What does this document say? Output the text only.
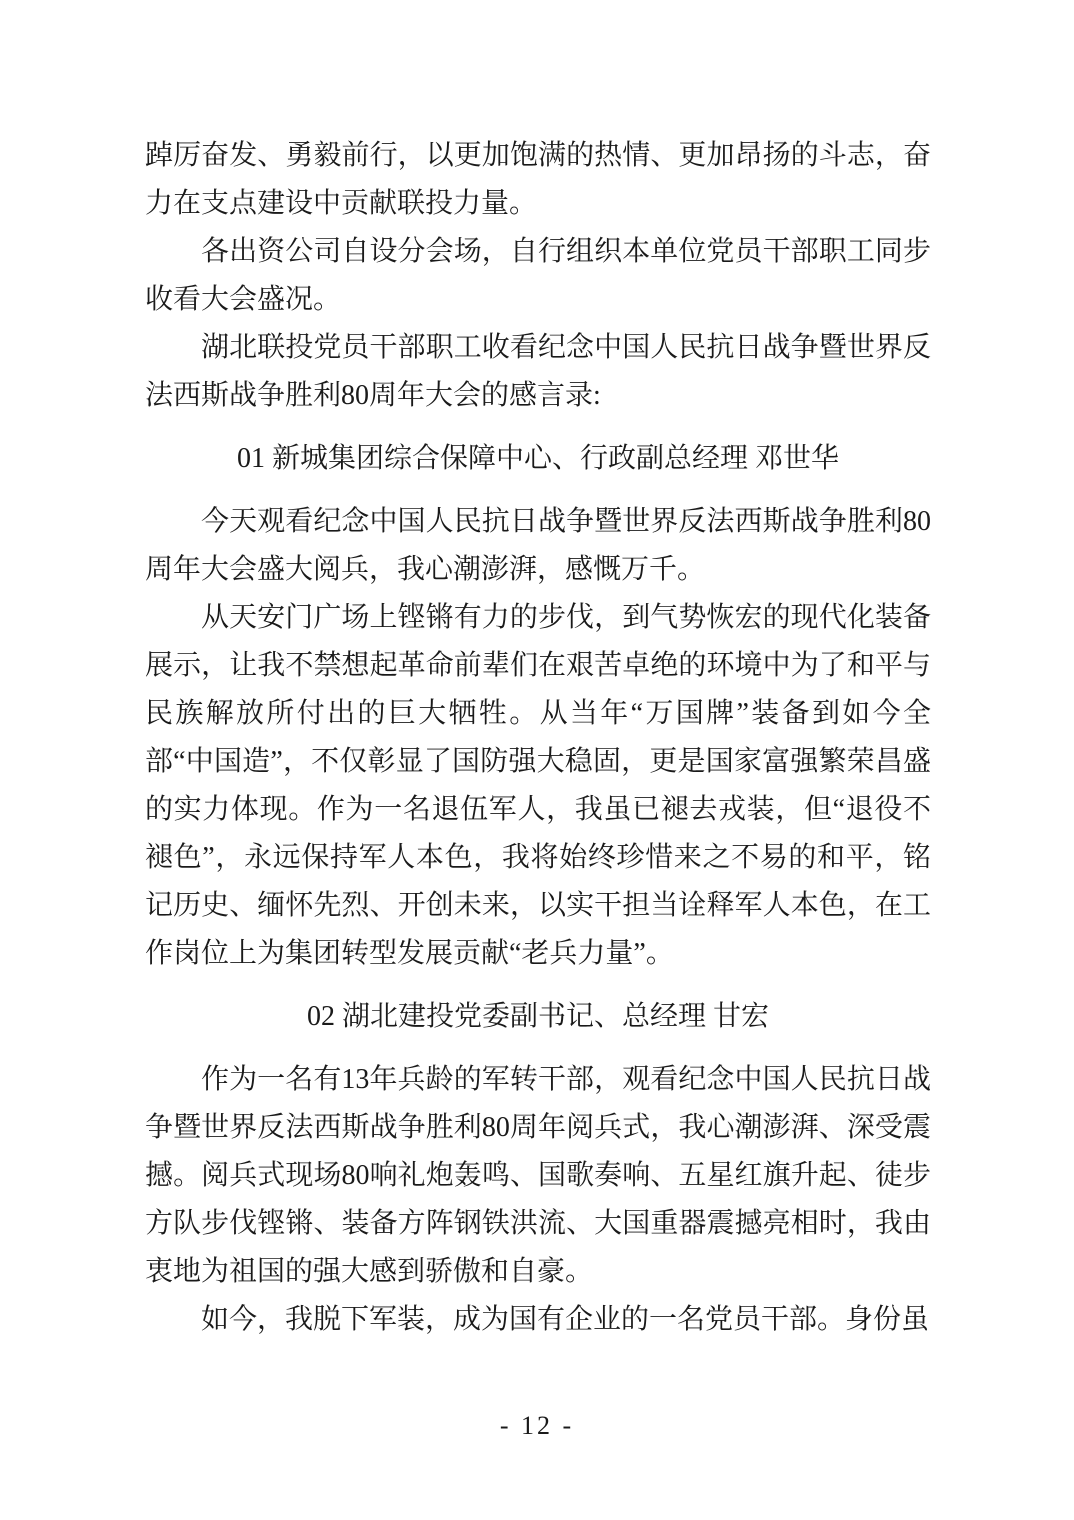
踔厉奋发、勇毅前行，以更加饱满的热情、更加昂扬的斗志，奋力在支点建设中贡献联投力量。

各出资公司自设分会场，自行组织本单位党员干部职工同步收看大会盛况。

湖北联投党员干部职工收看纪念中国人民抗日战争暨世界反法西斯战争胜利80周年大会的感言录:

01 新城集团综合保障中心、行政副总经理 邓世华

今天观看纪念中国人民抗日战争暨世界反法西斯战争胜利80周年大会盛大阅兵，我心潮澎湃，感慨万千。

从天安门广场上铿锵有力的步伐，到气势恢宏的现代化装备展示，让我不禁想起革命前辈们在艰苦卓绝的环境中为了和平与民族解放所付出的巨大牺牲。从当年“万国牌”装备到如今全部“中国造”，不仅彰显了国防强大稳固，更是国家富强繁荣昌盛的实力体现。作为一名退伍军人，我虽已褪去戎装，但“退役不褪色”，永远保持军人本色，我将始终珍惜来之不易的和平，铭记历史、缅怀先烈、开创未来，以实干担当诠释军人本色，在工作岗位上为集团转型发展贡献“老兵力量”。

02 湖北建投党委副书记、总经理 甘宏

作为一名有13年兵龄的军转干部，观看纪念中国人民抗日战争暨世界反法西斯战争胜利80周年阅兵式，我心潮澎湃、深受震撼。阅兵式现场80响礼炮轰鸣、国歌奏响、五星红旗升起、徒步方队步伐铿锵、装备方阵钢铁洪流、大国重器震撼亮相时，我由衷地为祖国的强大感到骄傲和自豪。

如今，我脱下军装，成为国有企业的一名党员干部。身份虽

- 12 -
